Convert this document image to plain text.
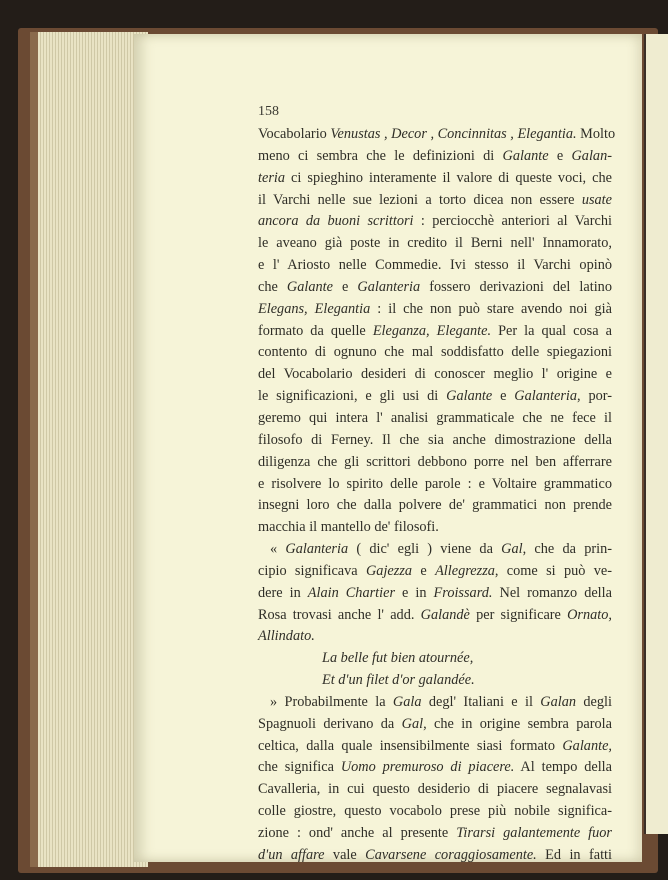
158
Vocabolario Venustas , Decor , Concinnitas , Elegantia. Molto
meno ci sembra che le definizioni di Galante e Galan-
teria ci spieghino interamente il valore di queste voci, che
il Varchi nelle sue lezioni a torto dicea non essere usate
ancora da buoni scrittori : perciocchè anteriori al Varchi
le aveano già poste in credito il Berni nell' Innamorato,
e l' Ariosto nelle Commedie. Ivi stesso il Varchi opinò
che Galante e Galanteria fossero derivazioni del latino
Elegans, Elegantia : il che non può stare avendo noi già
formato da quelle Eleganza, Elegante. Per la qual cosa a
contento di ognuno che mal soddisfatto delle spiegazioni
del Vocabolario desideri di conoscer meglio l' origine e
le significazioni, e gli usi di Galante e Galanteria, por-
geremo qui intera l' analisi grammaticale che ne fece il
filosofo di Ferney. Il che sia anche dimostrazione della
diligenza che gli scrittori debbono porre nel ben afferrare
e risolvere lo spirito delle parole : e Voltaire grammatico
insegni loro che dalla polvere de' grammatici non prende
macchia il mantello de' filosofi.
« Galanteria ( dic' egli ) viene da Gal, che da prin-
cipio significava Gajezza e Allegrezza, come si può ve-
dere in Alain Chartier e in Froissard. Nel romanzo della
Rosa trovasi anche l' add. Galandè per significare Ornato,
Allindato.
La belle fut bien atournée,
Et d'un filet d'or galandée.
» Probabilmente la Gala degl' Italiani e il Galan degli
Spagnuoli derivano da Gal, che in origine sembra parola
celtica, dalla quale insensibilmente siasi formato Galante,
che significa Uomo premuroso di piacere. Al tempo della
Cavalleria, in cui questo desiderio di piacere segnalavasi
colle giostre, questo vocabolo prese più nobile significa-
zione : ond' anche al presente Tirarsi galantemente fuor
d'un affare vale Cavarsene coraggiosamente. Ed in fatti
